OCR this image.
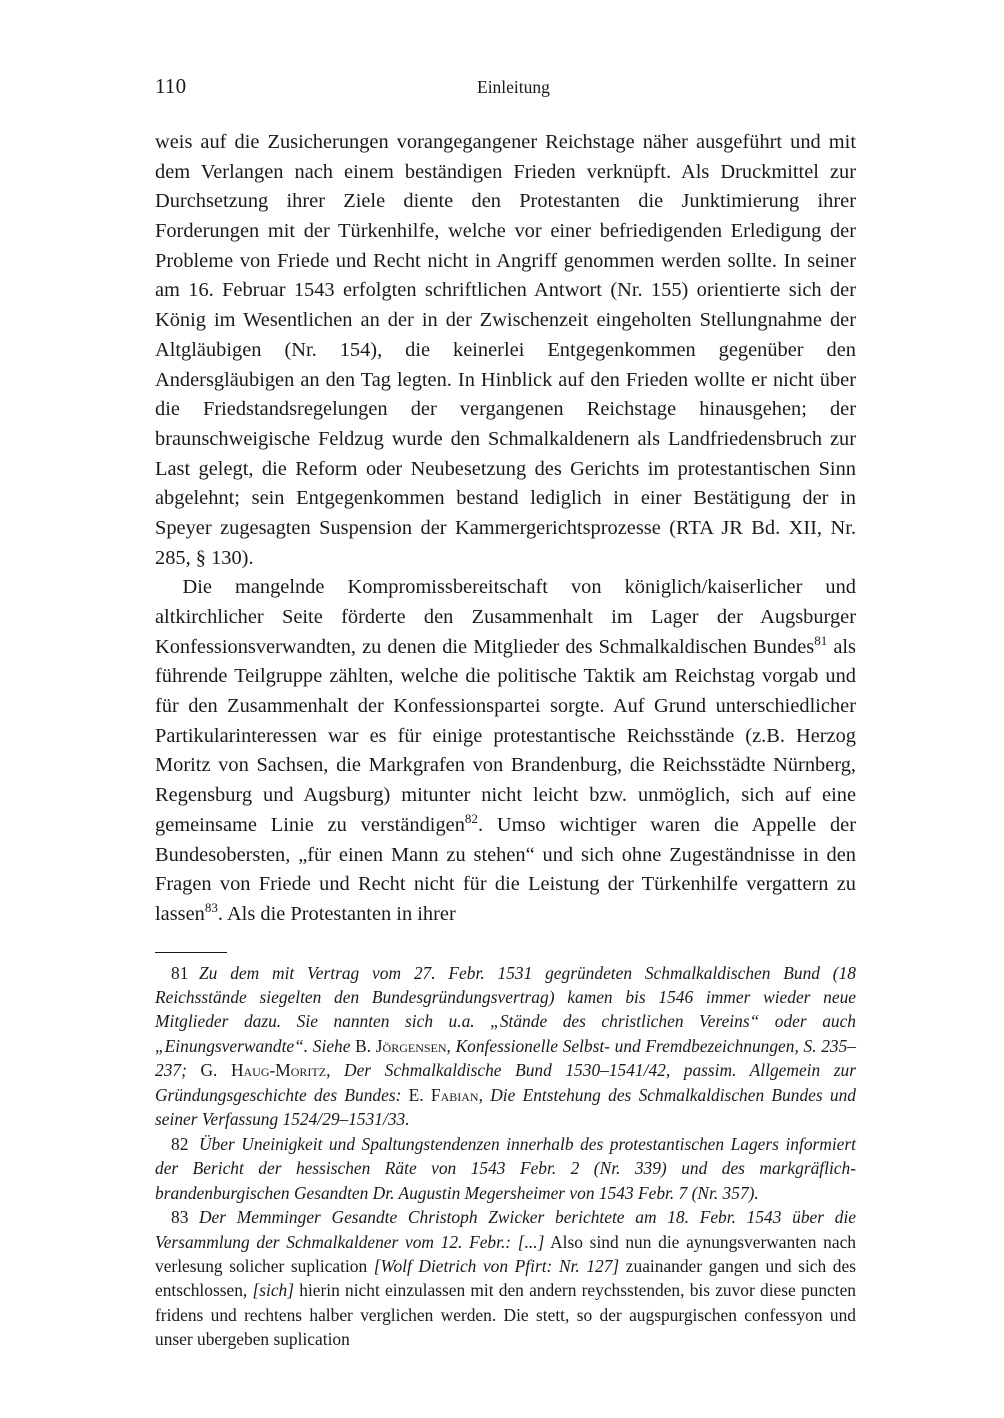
110	Einleitung

weis auf die Zusicherungen vorangegangener Reichstage näher ausgeführt und mit dem Verlangen nach einem beständigen Frieden verknüpft. Als Druckmittel zur Durchsetzung ihrer Ziele diente den Protestanten die Junktimierung ihrer Forderungen mit der Türkenhilfe, welche vor einer befriedigenden Erledigung der Probleme von Friede und Recht nicht in Angriff genommen werden sollte. In seiner am 16. Februar 1543 erfolgten schriftlichen Antwort (Nr. 155) orientierte sich der König im Wesentlichen an der in der Zwischenzeit eingeholten Stellungnahme der Altgläubigen (Nr. 154), die keinerlei Entgegenkommen gegenüber den Andersgläubigen an den Tag legten. In Hinblick auf den Frieden wollte er nicht über die Friedstandsregelungen der vergangenen Reichstage hinausgehen; der braunschweigische Feldzug wurde den Schmalkaldenern als Landfriedensbruch zur Last gelegt, die Reform oder Neubesetzung des Gerichts im protestantischen Sinn abgelehnt; sein Entgegenkommen bestand lediglich in einer Bestätigung der in Speyer zugesagten Suspension der Kammergerichtsprozesse (RTA JR Bd. XII, Nr. 285, § 130).

Die mangelnde Kompromissbereitschaft von königlich/kaiserlicher und altkirchlicher Seite förderte den Zusammenhalt im Lager der Augsburger Konfessionsverwandten, zu denen die Mitglieder des Schmalkaldischen Bundes$^{81}$ als führende Teilgruppe zählten, welche die politische Taktik am Reichstag vorgab und für den Zusammenhalt der Konfessionspartei sorgte. Auf Grund unterschiedlicher Partikularinteressen war es für einige protestantische Reichsstände (z.B. Herzog Moritz von Sachsen, die Markgrafen von Brandenburg, die Reichsstädte Nürnberg, Regensburg und Augsburg) mitunter nicht leicht bzw. unmöglich, sich auf eine gemeinsame Linie zu verständigen$^{82}$. Umso wichtiger waren die Appelle der Bundesobersten, „für einen Mann zu stehen“ und sich ohne Zugeständnisse in den Fragen von Friede und Recht nicht für die Leistung der Türkenhilfe vergattern zu lassen$^{83}$. Als die Protestanten in ihrer

81 Zu dem mit Vertrag vom 27. Febr. 1531 gegründeten Schmalkaldischen Bund (18 Reichsstände siegelten den Bundesgründungsvertrag) kamen bis 1546 immer wieder neue Mitglieder dazu. Sie nannten sich u.a. „Stände des christlichen Vereins“ oder auch „Einungsverwandte“. Siehe B. Jörgensen, Konfessionelle Selbst- und Fremdbezeichnungen, S. 235–237; G. Haug-Moritz, Der Schmalkaldische Bund 1530–1541/42, passim. Allgemein zur Gründungsgeschichte des Bundes: E. Fabian, Die Entstehung des Schmalkaldischen Bundes und seiner Verfassung 1524/29–1531/33.

82 Über Uneinigkeit und Spaltungstendenzen innerhalb des protestantischen Lagers informiert der Bericht der hessischen Räte von 1543 Febr. 2 (Nr. 339) und des markgräflich-brandenburgischen Gesandten Dr. Augustin Megersheimer von 1543 Febr. 7 (Nr. 357).

83 Der Memminger Gesandte Christoph Zwicker berichtete am 18. Febr. 1543 über die Versammlung der Schmalkaldener vom 12. Febr.: [...] Also sind nun die aynungsverwanten nach verlesung solicher suplication [Wolf Dietrich von Pfirt: Nr. 127] zuainander gangen und sich des entschlossen, [sich] hierin nicht einzulassen mit den andern reychsstenden, bis zuvor diese puncten fridens und rechtens halber verglichen werden. Die stett, so der augspurgischen confessyon und unser ubergeben suplication
